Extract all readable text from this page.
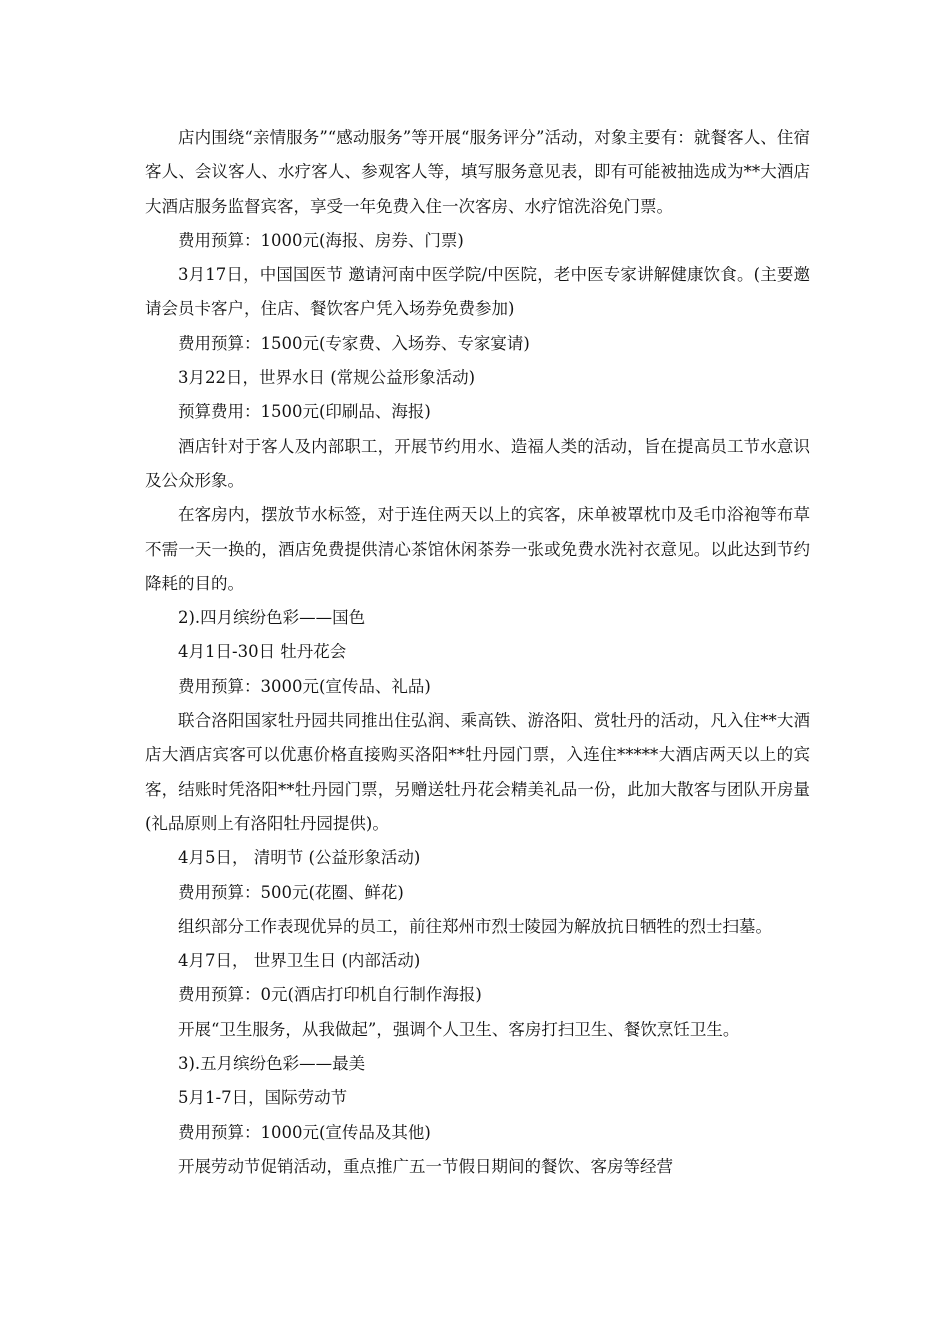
店内围绕“亲情服务”“感动服务”等开展“服务评分”活动，对象主要有：就餐客人、住宿客人、会议客人、水疗客人、参观客人等，填写服务意见表，即有可能被抽选成为**大酒店大酒店服务监督宾客，享受一年免费入住一次客房、水疗馆洗浴免门票。

费用预算：1000元(海报、房券、门票)

3月17日，中国国医节 邀请河南中医学院/中医院，老中医专家讲解健康饮食。(主要邀请会员卡客户，住店、餐饮客户凭入场券免费参加)

费用预算：1500元(专家费、入场券、专家宴请)

3月22日，世界水日 (常规公益形象活动)

预算费用：1500元(印刷品、海报)

酒店针对于客人及内部职工，开展节约用水、造福人类的活动，旨在提高员工节水意识及公众形象。

在客房内，摆放节水标签，对于连住两天以上的宾客，床单被罩枕巾及毛巾浴袍等布草不需一天一换的，酒店免费提供清心茶馆休闲茶券一张或免费水洗衬衣意见。以此达到节约降耗的目的。

2).四月缤纷色彩——国色

4月1日-30日 牡丹花会

费用预算：3000元(宣传品、礼品)

联合洛阳国家牡丹园共同推出住弘润、乘高铁、游洛阳、赏牡丹的活动，凡入住**大酒店大酒店宾客可以优惠价格直接购买洛阳**牡丹园门票，入连住*****大酒店两天以上的宾客，结账时凭洛阳**牡丹园门票，另赠送牡丹花会精美礼品一份，此加大散客与团队开房量(礼品原则上有洛阳牡丹园提供)。

4月5日， 清明节 (公益形象活动)

费用预算：500元(花圈、鲜花)

组织部分工作表现优异的员工，前往郑州市烈士陵园为解放抗日牺牲的烈士扫墓。

4月7日， 世界卫生日 (内部活动)

费用预算：0元(酒店打印机自行制作海报)

开展“卫生服务，从我做起”，强调个人卫生、客房打扫卫生、餐饮烹饪卫生。

3).五月缤纷色彩——最美

5月1-7日，国际劳动节

费用预算：1000元(宣传品及其他)

开展劳动节促销活动，重点推广五一节假日期间的餐饮、客房等经营
